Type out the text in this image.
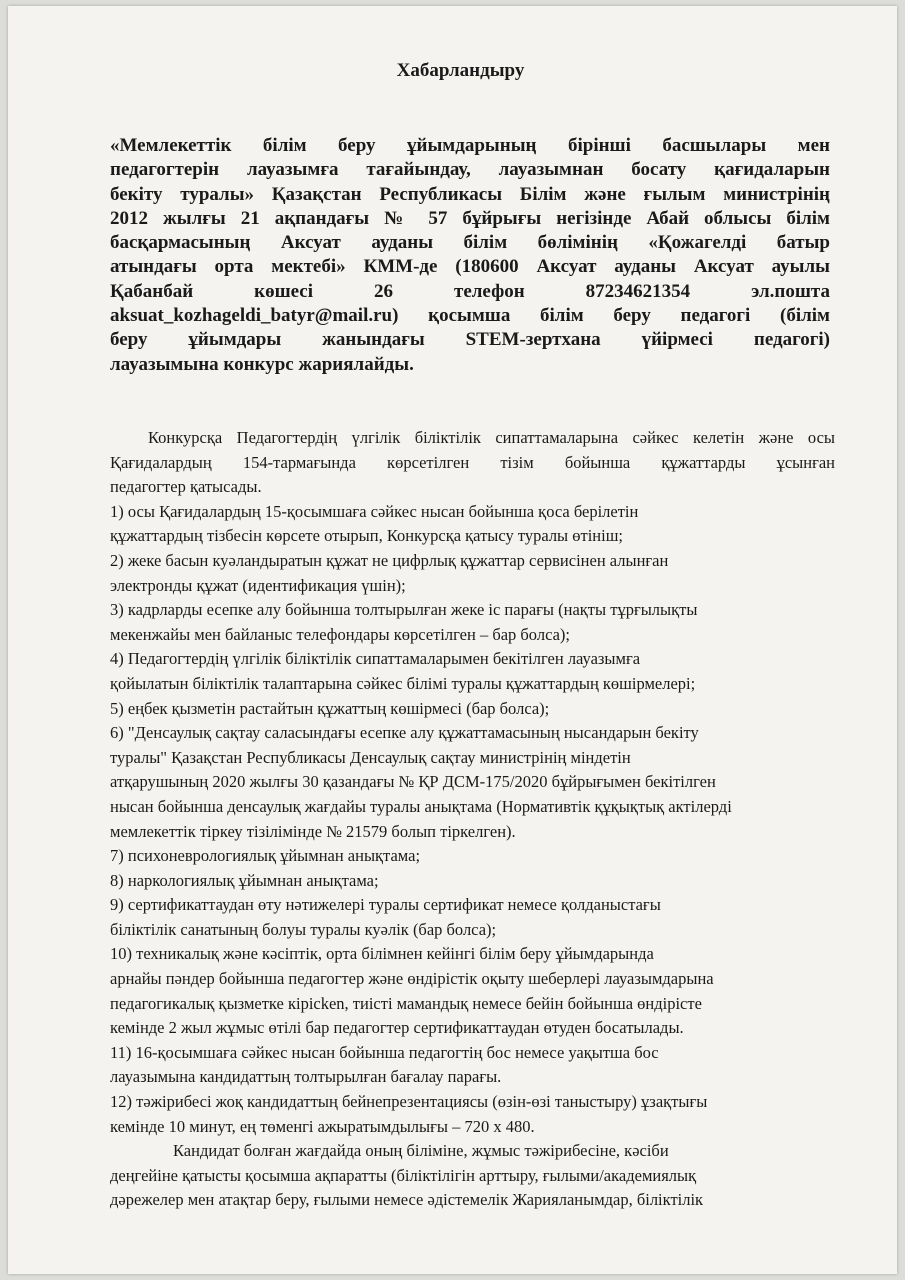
Хабарландыру
«Мемлекеттік білім беру ұйымдарының бірінші басшылары мен
педагогтерін лауазымға тағайындау, лауазымнан босату қағидаларын
бекіту туралы» Қазақстан Республикасы Білім және ғылым министрінің
2012 жылғы 21 ақпандағы № 57 бұйрығы негізінде Абай облысы білім
басқармасының Аксуат ауданы білім бөлімінің «Қожагелді батыр
атындағы орта мектебі» КММ-де (180600 Аксуат ауданы Аксуат ауылы
Қабанбай көшесі 26 телефон 87234621354 эл.пошта
aksuat_kozhageldi_batyr@mail.ru) қосымша білім беру педагогі (білім
беру ұйымдары жанындағы STEM-зертхана үйірмесі педагогі)
лауазымына конкурс жариялайды.

Конкурсқа Педагогтердің үлгілік біліктілік сипаттамаларына сәйкес келетін және осы
Қағидалардың 154-тармағында көрсетілген тізім бойынша құжаттарды ұсынған
педагогтер қатысады.

1) осы Қағидалардың 15-қосымшаға сәйкес нысан бойынша қоса берілетін
құжаттардың тізбесін көрсете отырып, Конкурсқа қатысу туралы өтініш;

2) жеке басын куәландыратын құжат не цифрлық құжаттар сервисінен алынған
электронды құжат (идентификация үшін);

3) кадрларды есепке алу бойынша толтырылған жеке іс парағы (нақты тұрғылықты
мекенжайы мен байланыс телефондары көрсетілген – бар болса);

4) Педагогтердің үлгілік біліктілік сипаттамаларымен бекітілген лауазымға
қойылатын біліктілік талаптарына сәйкес білімі туралы құжаттардың көшірмелері;

5) еңбек қызметін растайтын құжаттың көшірмесі (бар болса);

6) "Денсаулық сақтау саласындағы есепке алу құжаттамасының нысандарын бекіту
туралы" Қазақстан Республикасы Денсаулық сақтау министрінің міндетін
атқарушының 2020 жылғы 30 қазандағы № ҚР ДСМ-175/2020 бұйрығымен бекітілген
нысан бойынша денсаулық жағдайы туралы анықтама (Нормативтік құқықтық актілерді
мемлекеттік тіркеу тізілімінде № 21579 болып тіркелген).

7) психоневрологиялық ұйымнан анықтама;

8) наркологиялық ұйымнан анықтама;

9) сертификаттаудан өту нәтижелері туралы сертификат немесе қолданыстағы
біліктілік санатының болуы туралы куәлік (бар болса);

10) техникалық және кәсіптік, орта білімнен кейінгі білім беру ұйымдарында
арнайы пәндер бойынша педагогтер және өндірістік оқыту шеберлері лауазымдарына
педагогикалық қызметке кірісken, тиісті мамандық немесе бейін бойынша өндірісте
кемінде 2 жыл жұмыс өтілі бар педагогтер сертификаттаудан өтуден босатылады.

11) 16-қосымшаға сәйкес нысан бойынша педагогтің бос немесе уақытша бос
лауазымына кандидаттың толтырылған бағалау парағы.

12) тәжірибесі жоқ кандидаттың бейнепрезентациясы (өзін-өзі таныстыру) ұзақтығы
кемінде 10 минут, ең төменгі ажыратымдылығы – 720 х 480.

Кандидат болған жағдайда оның біліміне, жұмыс тәжірибесіне, кәсіби
деңгейіне қатысты қосымша ақпаратты (біліктілігін арттыру, ғылыми/академиялық
дәрежелер мен атақтар беру, ғылыми немесе әдістемелік Жарияланымдар, біліктілік
